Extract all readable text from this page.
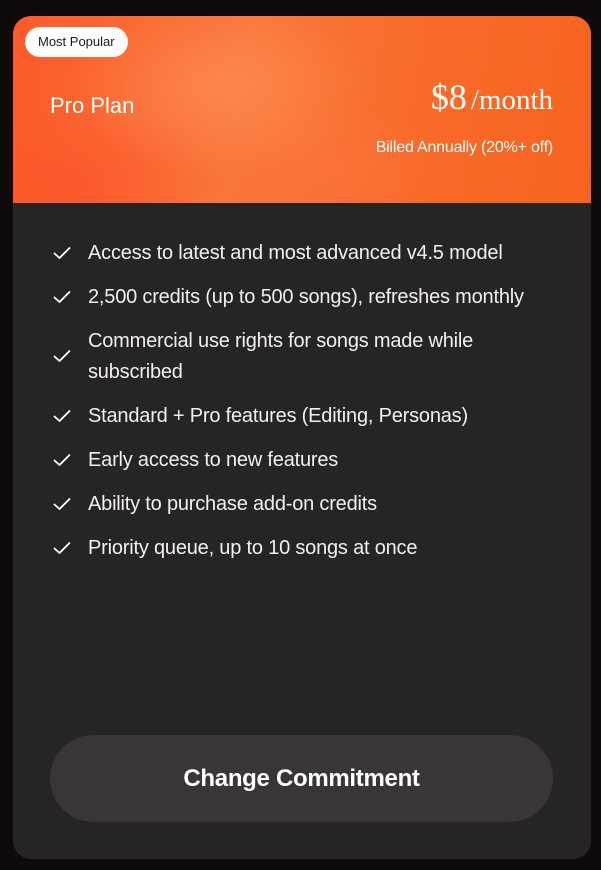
Most Popular
Pro Plan	$8 /month
Billed Annually (20%+ off)
Access to latest and most advanced v4.5 model
2,500 credits (up to 500 songs), refreshes monthly
Commercial use rights for songs made while subscribed
Standard + Pro features (Editing, Personas)
Early access to new features
Ability to purchase add-on credits
Priority queue, up to 10 songs at once
Change Commitment
